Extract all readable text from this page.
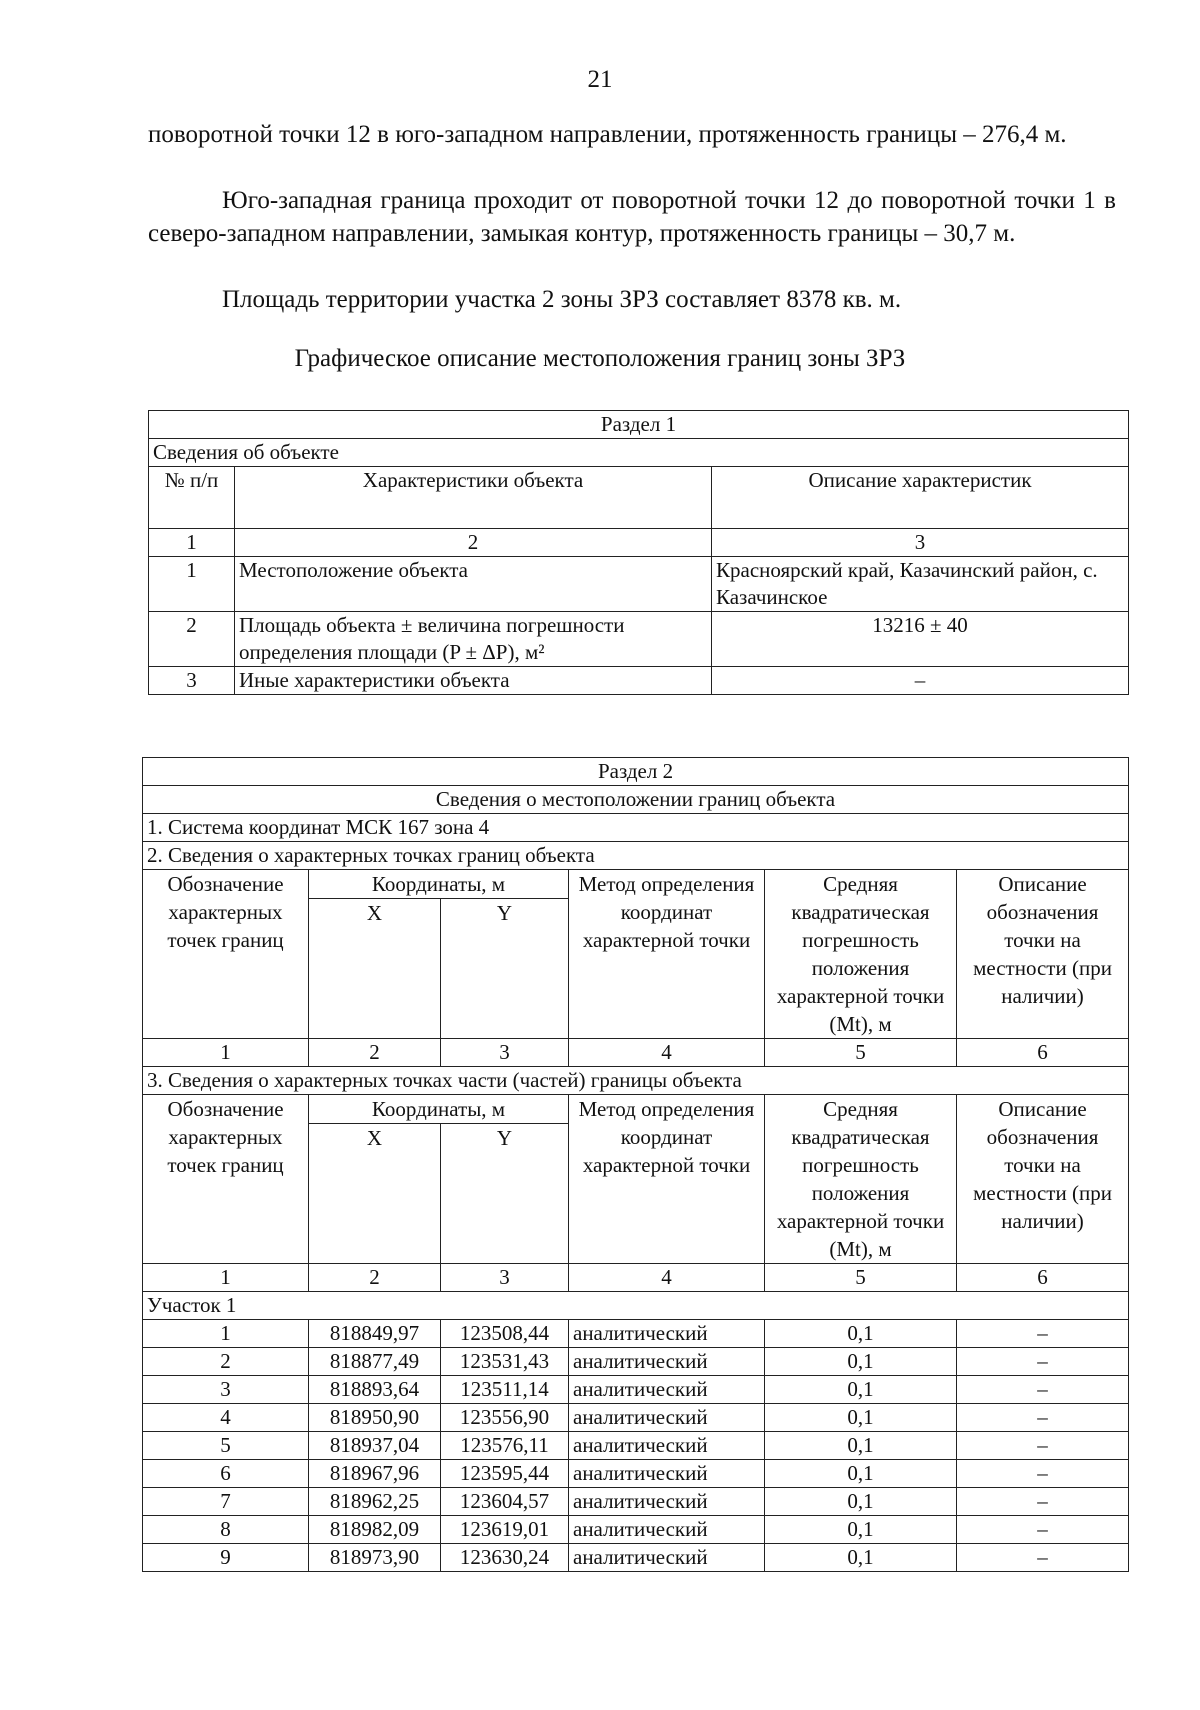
21

поворотной точки 12 в юго-западном направлении, протяженность границы – 276,4 м.

Юго-западная граница проходит от поворотной точки 12 до поворотной точки 1 в северо-западном направлении, замыкая контур, протяженность границы – 30,7 м.

Площадь территории участка 2 зоны ЗРЗ составляет 8378 кв. м.

Графическое описание местоположения границ зоны ЗРЗ
Раздел 1		
Сведения об объекте		
№ п/п	Характеристики объекта	Описание характеристик
1	2	3
1	Местоположение объекта	Красноярский край, Казачинский район, с. Казачинское
2	Площадь объекта ± величина погрешности определения площади (P ± ΔP), м²	13216 ± 40
3	Иные характеристики объекта	–
Раздел 2					
Сведения о местоположении границ объекта					
1. Система координат МСК 167 зона 4					
2. Сведения о характерных точках границ объекта					
Обозначение характерных точек границ	Координаты, м		Метод определения координат характерной точки	Средняя квадратическая погрешность положения характерной точки (Mt), м	Описание обозначения точки на местности (при наличии)
	X	Y			
1	2	3	4	5	6
3. Сведения о характерных точках части (частей) границы объекта					
Обозначение характерных точек границ	Координаты, м		Метод определения координат характерной точки	Средняя квадратическая погрешность положения характерной точки (Mt), м	Описание обозначения точки на местности (при наличии)
	X	Y			
1	2	3	4	5	6
Участок 1					
1	818849,97	123508,44	аналитический	0,1	–
2	818877,49	123531,43	аналитический	0,1	–
3	818893,64	123511,14	аналитический	0,1	–
4	818950,90	123556,90	аналитический	0,1	–
5	818937,04	123576,11	аналитический	0,1	–
6	818967,96	123595,44	аналитический	0,1	–
7	818962,25	123604,57	аналитический	0,1	–
8	818982,09	123619,01	аналитический	0,1	–
9	818973,90	123630,24	аналитический	0,1	–
